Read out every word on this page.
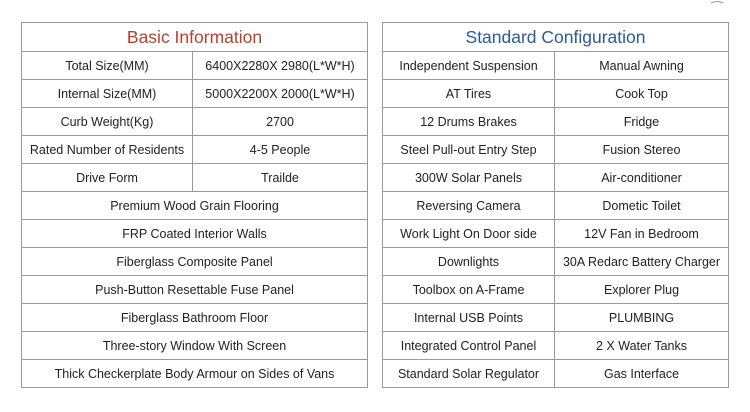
Basic Information	
Total Size(MM)	6400X2280X 2980(L*W*H)
Internal Size(MM)	5000X2200X 2000(L*W*H)
Curb Weight(Kg)	2700
Rated Number of Residents	4-5 People
Drive Form	Trailde
Premium Wood Grain Flooring	
FRP Coated Interior Walls	
Fiberglass Composite Panel	
Push-Button Resettable Fuse Panel	
Fiberglass Bathroom Floor	
Three-story Window With Screen	
Thick Checkerplate Body Armour on Sides of Vans	
Standard Configuration	
Independent Suspension	Manual Awning
AT Tires	Cook Top
12 Drums Brakes	Fridge
Steel Pull-out Entry Step	Fusion Stereo
300W Solar Panels	Air-conditioner
Reversing Camera	Dometic Toilet
Work Light On Door side	12V Fan in Bedroom
Downlights	30A Redarc Battery Charger
Toolbox on A-Frame	Explorer Plug
Internal USB Points	PLUMBING
Integrated Control Panel	2 X Water Tanks
Standard Solar Regulator	Gas Interface
